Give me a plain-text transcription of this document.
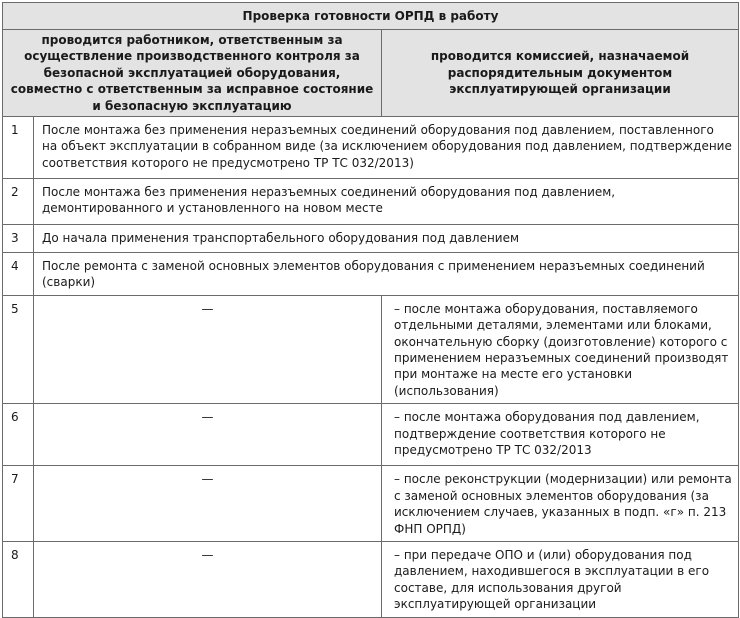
Проверка готовности ОРПД в работу		
проводится работником, ответственным за осуществление производственного контроля за безопасной эксплуатацией оборудования, совместно с ответственным за исправное состояние и безопасную эксплуатацию		проводится комиссией, назначаемой распорядительным документом эксплуатирующей организации
1	После монтажа без применения неразъемных соединений оборудования под давлением, поставленного на объект эксплуатации в собранном виде (за исключением оборудования под давлением, подтверждение соответствия которого не предусмотрено ТР ТС 032/2013)	
2	После монтажа без применения неразъемных соединений оборудования под давлением, демонтированного и установленного на новом месте	
3	До начала применения транспортабельного оборудования под давлением	
4	После ремонта с заменой основных элементов оборудования с применением неразъемных соединений (сварки)	
5	—	– после монтажа оборудования, поставляемого отдельными деталями, элементами или блоками, окончательную сборку (доизготовление) которого с применением неразъемных соединений производят при монтаже на месте его установки (использования)
6	—	– после монтажа оборудования под давлением, подтверждение соответствия которого не предусмотрено ТР ТС 032/2013
7	—	– после реконструкции (модернизации) или ремонта с заменой основных элементов оборудования (за исключением случаев, указанных в подп. «г» п. 213 ФНП ОРПД)
8	—	– при передаче ОПО и (или) оборудования под давлением, находившегося в эксплуатации в его составе, для использования другой эксплуатирующей организации
